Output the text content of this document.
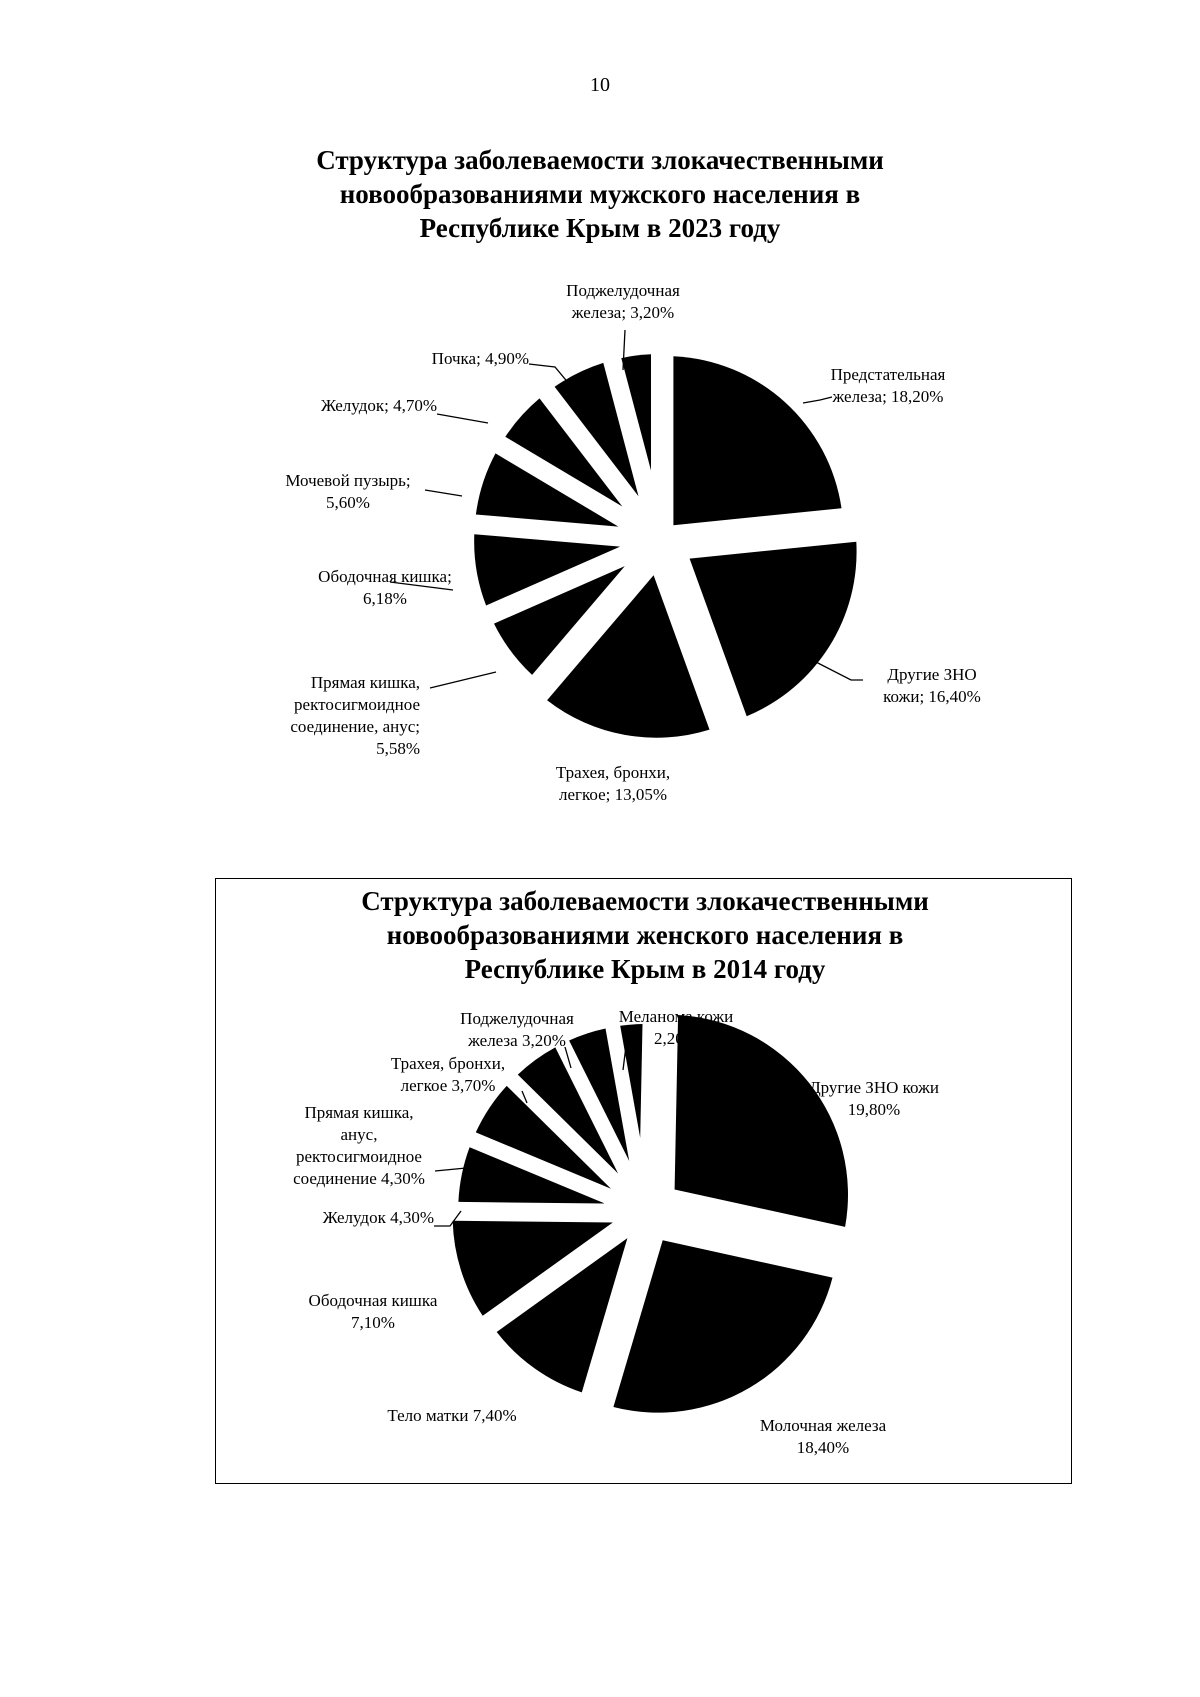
10
Структура заболеваемости злокачественными
новообразованиями мужского населения в
Республике Крым в 2023 году
Структура заболеваемости злокачественными
новообразованиями женского населения в
Республике Крым в 2014 году
Предстательная железа; 18,20%
Другие ЗНО кожи; 16,40%
Трахея, бронхи, легкое; 13,05%
Прямая кишка, ректосигмоидное соединение, анус; 5,58%
Ободочная кишка; 6,18%
Мочевой пузырь; 5,60%
Желудок; 4,70%
Почка; 4,90%
Поджелудочная железа; 3,20%
Другие ЗНО кожи 19,80%
Молочная железа 18,40%
Тело матки 7,40%
Ободочная кишка 7,10%
Желудок 4,30%
Прямая кишка, анус, ректосигмоидное соединение 4,30%
Трахея, бронхи, легкое 3,70%
Поджелудочная железа 3,20%
Меланома кожи 2,20%
